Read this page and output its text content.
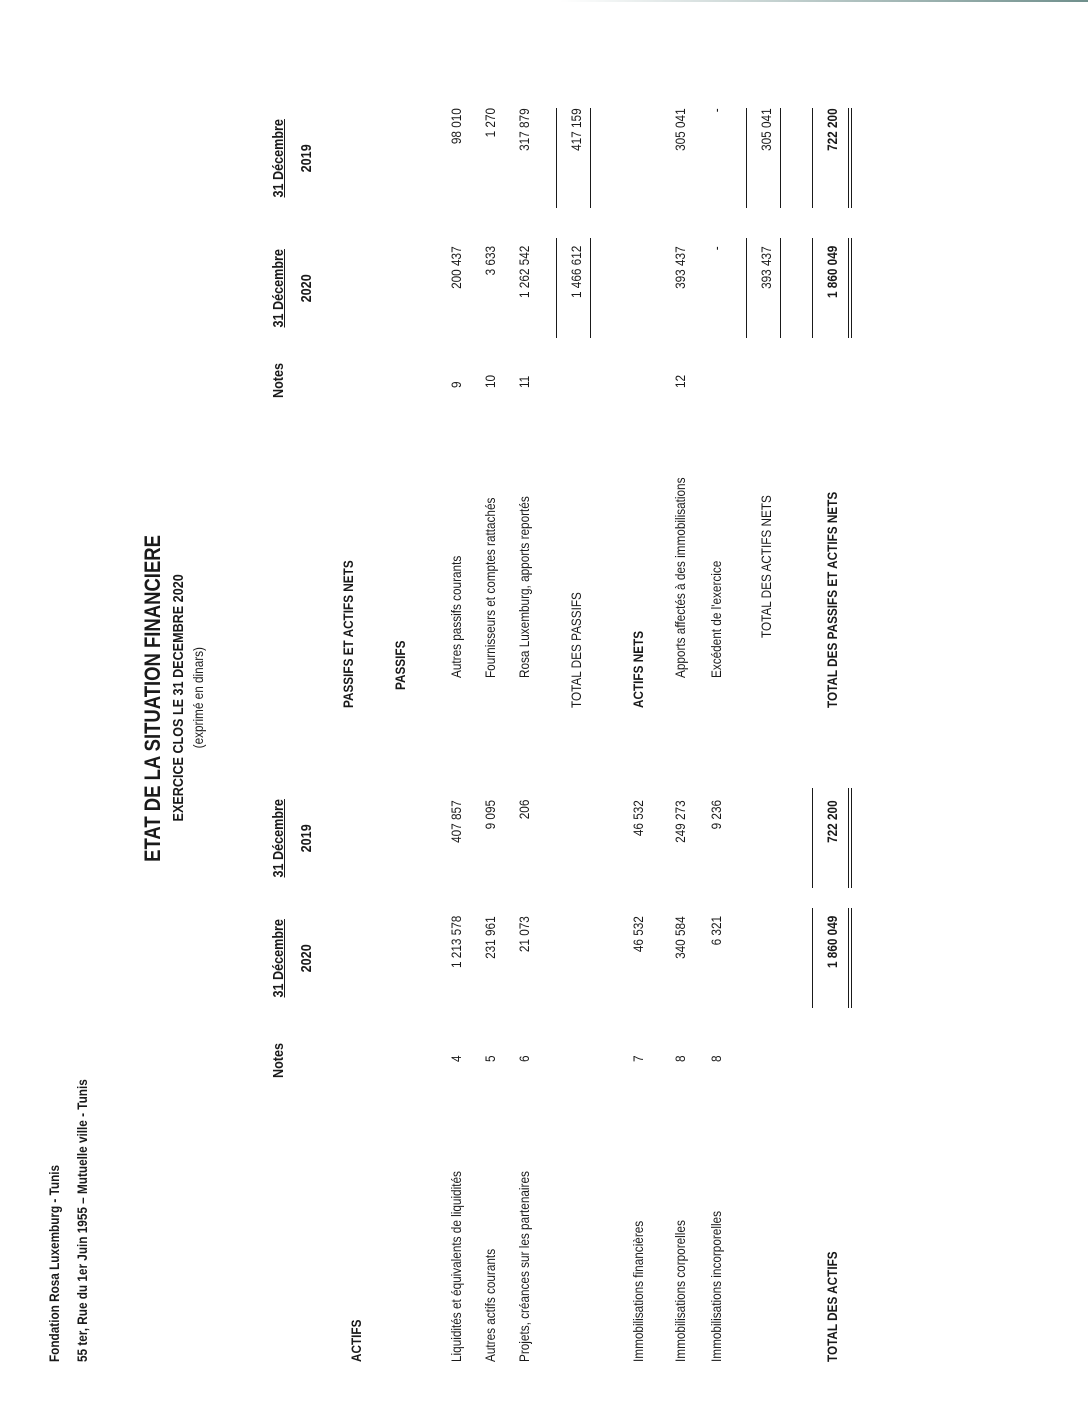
Fondation Rosa Luxemburg - Tunis 55 ter, Rue du 1er Juin 1955 – Mutuelle ville - Tunis
ETAT DE LA SITUATION FINANCIERE EXERCICE CLOS LE 31 DECEMBRE 2020 (exprimé en dinars)
Notes
31 Décembre 2020
31 Décembre 2019
ACTIFS	Liquidités et équivalents de liquidités
4
1 213 578
407 857
Autres actifs courants
5
231 961
9 095
Projets, créances sur les partenaires
6
21 073
206
Immobilisations financières
7
46 532
46 532
Immobilisations corporelles
8
340 584
249 273
Immobilisations incorporelles
8
6 321
9 236
TOTAL DES ACTIFS
1 860 049
722 200
PASSIFS ET ACTIFS NETS	PASSIFS
Notes
31 Décembre 2020
31 Décembre 2019
Autres passifs courants
9
200 437
98 010
Fournisseurs et comptes rattachés
10
3 633
1 270
Rosa Luxemburg, apports reportés
11
1 262 542
317 879
TOTAL DES PASSIFS
1 466 612
417 159
ACTIFS NETS Apports affectés à des immobilisations
12
393 437
305 041
Excédent de l'exercice
-
-
TOTAL DES ACTIFS NETS
393 437
305 041
TOTAL DES PASSIFS ET ACTIFS NETS
1 860 049
722 200
